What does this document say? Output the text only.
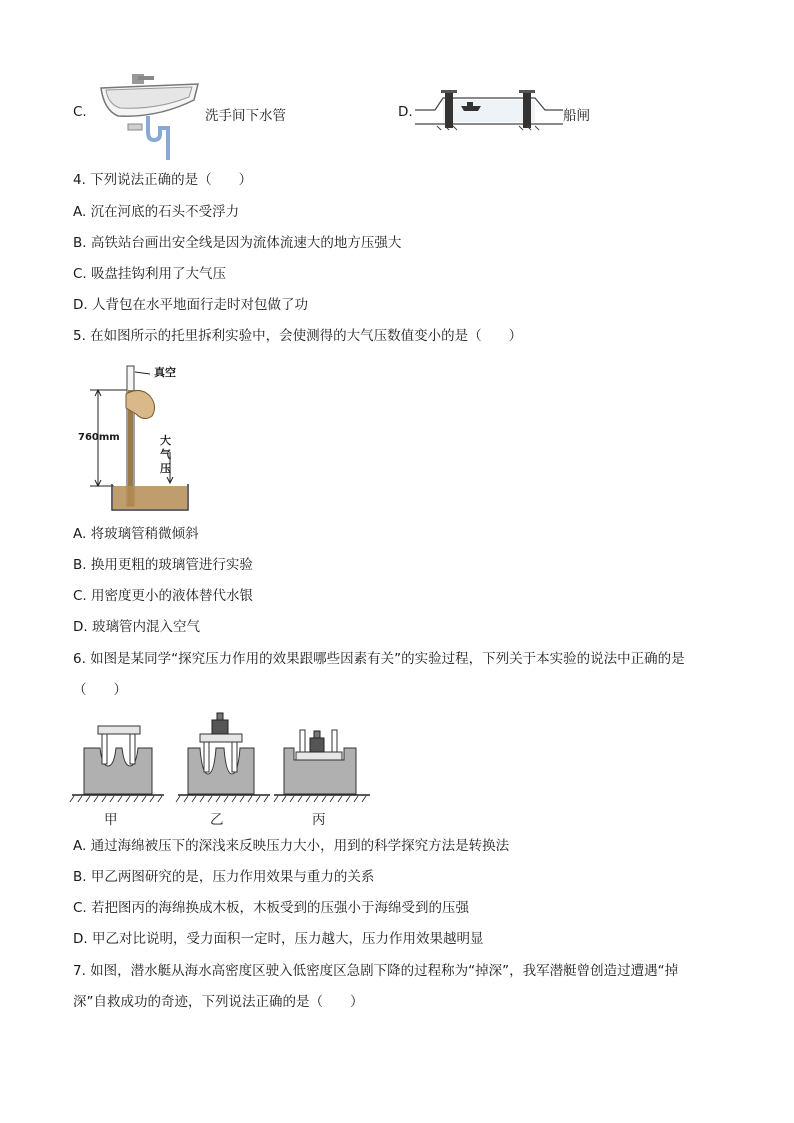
C.	洗手间下水管	D.	船闸
4. 下列说法正确的是（　　）
A. 沉在河底的石头不受浮力
B. 高铁站台画出安全线是因为流体流速大的地方压强大
C. 吸盘挂钩利用了大气压
D. 人背包在水平地面行走时对包做了功
5. 在如图所示的托里拆利实验中，会使测得的大气压数值变小的是（　　）
真空
760mm	大
气
压
A. 将玻璃管稍微倾斜
B. 换用更粗的玻璃管进行实验
C. 用密度更小的液体替代水银
D. 玻璃管内混入空气
6. 如图是某同学“探究压力作用的效果跟哪些因素有关”的实验过程，下列关于本实验的说法中正确的是
（　　）
甲	乙	丙
A. 通过海绵被压下的深浅来反映压力大小，用到的科学探究方法是转换法
B. 甲乙两图研究的是，压力作用效果与重力的关系
C. 若把图丙的海绵换成木板，木板受到的压强小于海绵受到的压强
D. 甲乙对比说明，受力面积一定时，压力越大，压力作用效果越明显
7. 如图，潜水艇从海水高密度区驶入低密度区急剧下降的过程称为“掉深”，我军潜艇曾创造过遭遇“掉
深”自救成功的奇迹，下列说法正确的是（　　）
